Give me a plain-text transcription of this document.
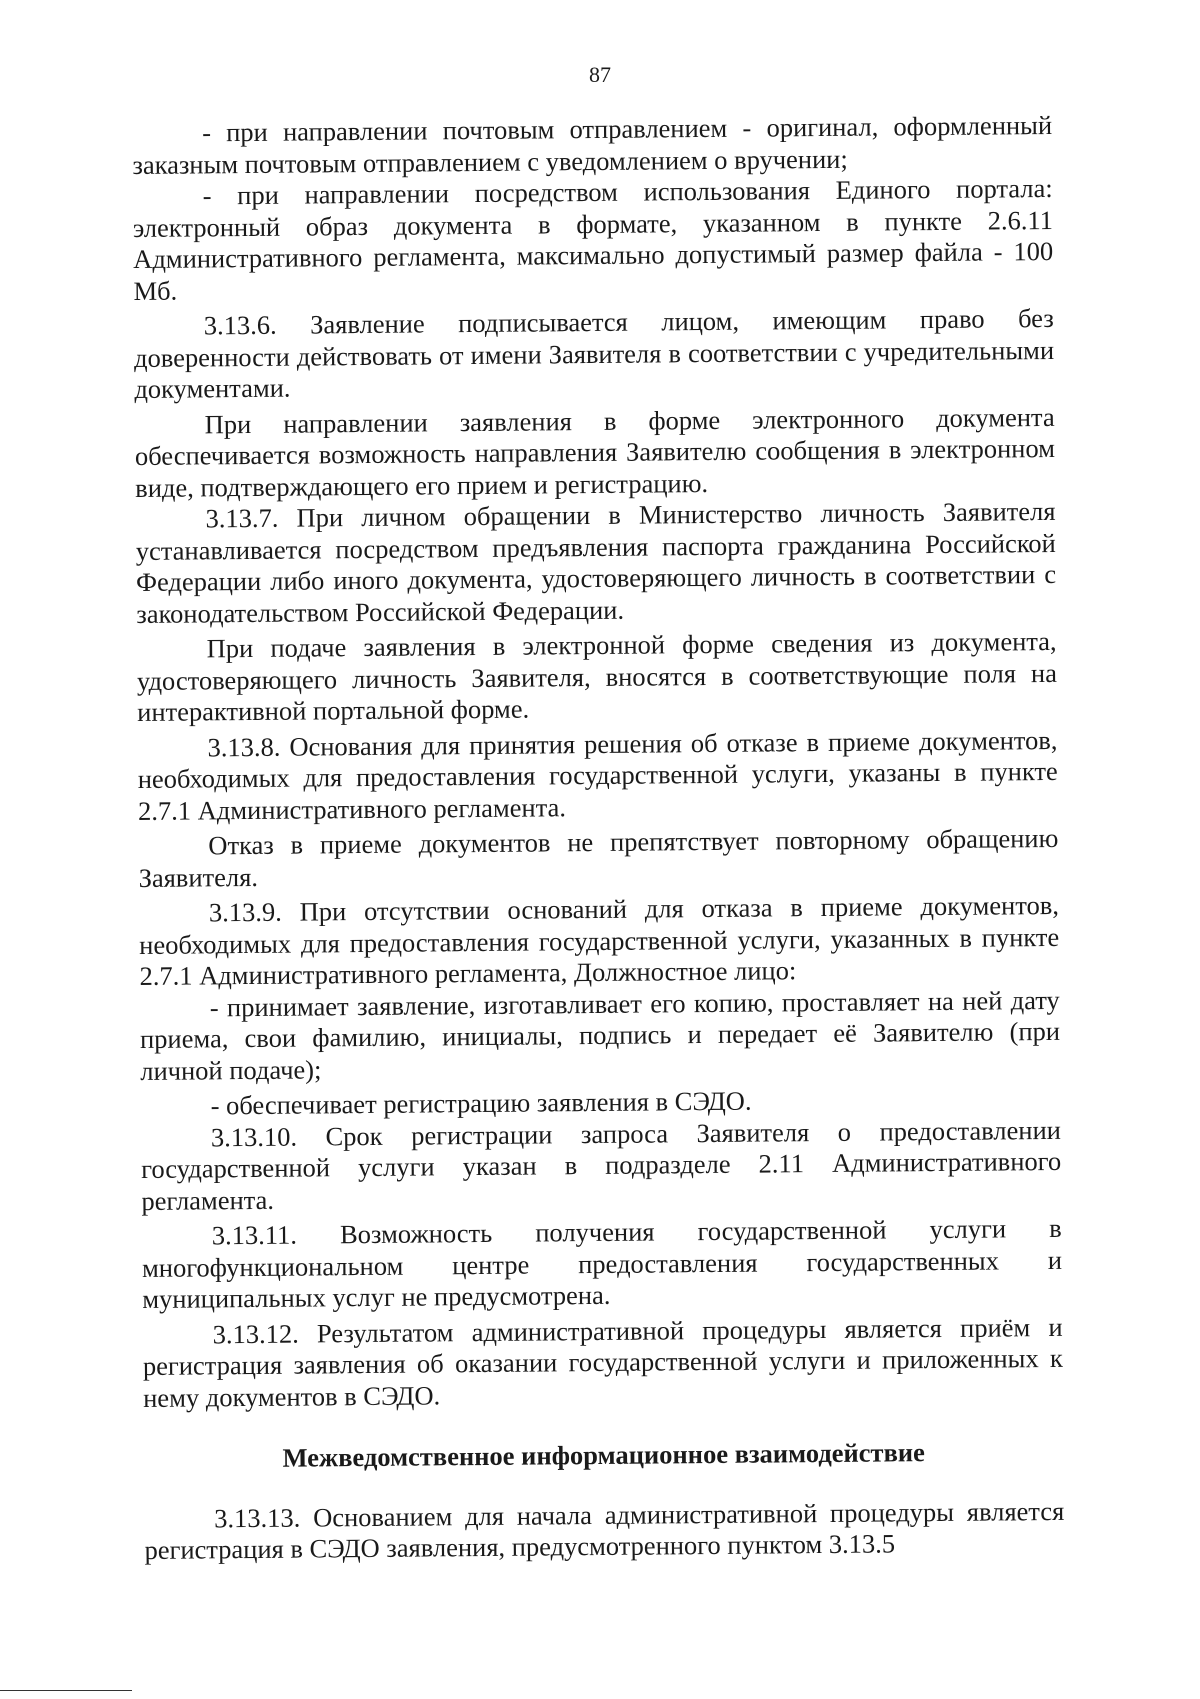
87

- при направлении почтовым отправлением - оригинал, оформленный заказным почтовым отправлением с уведомлением о вручении;

- при направлении посредством использования Единого портала: электронный образ документа в формате, указанном в пункте 2.6.11 Административного регламента, максимально допустимый размер файла - 100 Мб.

3.13.6. Заявление подписывается лицом, имеющим право без доверенности действовать от имени Заявителя в соответствии с учредительными документами.

При направлении заявления в форме электронного документа обеспечивается возможность направления Заявителю сообщения в электронном виде, подтверждающего его прием и регистрацию.

3.13.7. При личном обращении в Министерство личность Заявителя устанавливается посредством предъявления паспорта гражданина Российской Федерации либо иного документа, удостоверяющего личность в соответствии с законодательством Российской Федерации.

При подаче заявления в электронной форме сведения из документа, удостоверяющего личность Заявителя, вносятся в соответствующие поля на интерактивной портальной форме.

3.13.8. Основания для принятия решения об отказе в приеме документов, необходимых для предоставления государственной услуги, указаны в пункте 2.7.1 Административного регламента.

Отказ в приеме документов не препятствует повторному обращению Заявителя.

3.13.9. При отсутствии оснований для отказа в приеме документов, необходимых для предоставления государственной услуги, указанных в пункте 2.7.1 Административного регламента, Должностное лицо:

- принимает заявление, изготавливает его копию, проставляет на ней дату приема, свои фамилию, инициалы, подпись и передает её Заявителю (при личной подаче);

- обеспечивает регистрацию заявления в СЭДО.

3.13.10. Срок регистрации запроса Заявителя о предоставлении государственной услуги указан в подразделе 2.11 Административного регламента.

3.13.11. Возможность получения государственной услуги в многофункциональном центре предоставления государственных и муниципальных услуг не предусмотрена.

3.13.12. Результатом административной процедуры является приём и регистрация заявления об оказании государственной услуги и приложенных к нему документов в СЭДО.

Межведомственное информационное взаимодействие

3.13.13. Основанием для начала административной процедуры является регистрация в СЭДО заявления, предусмотренного пунктом 3.13.5
